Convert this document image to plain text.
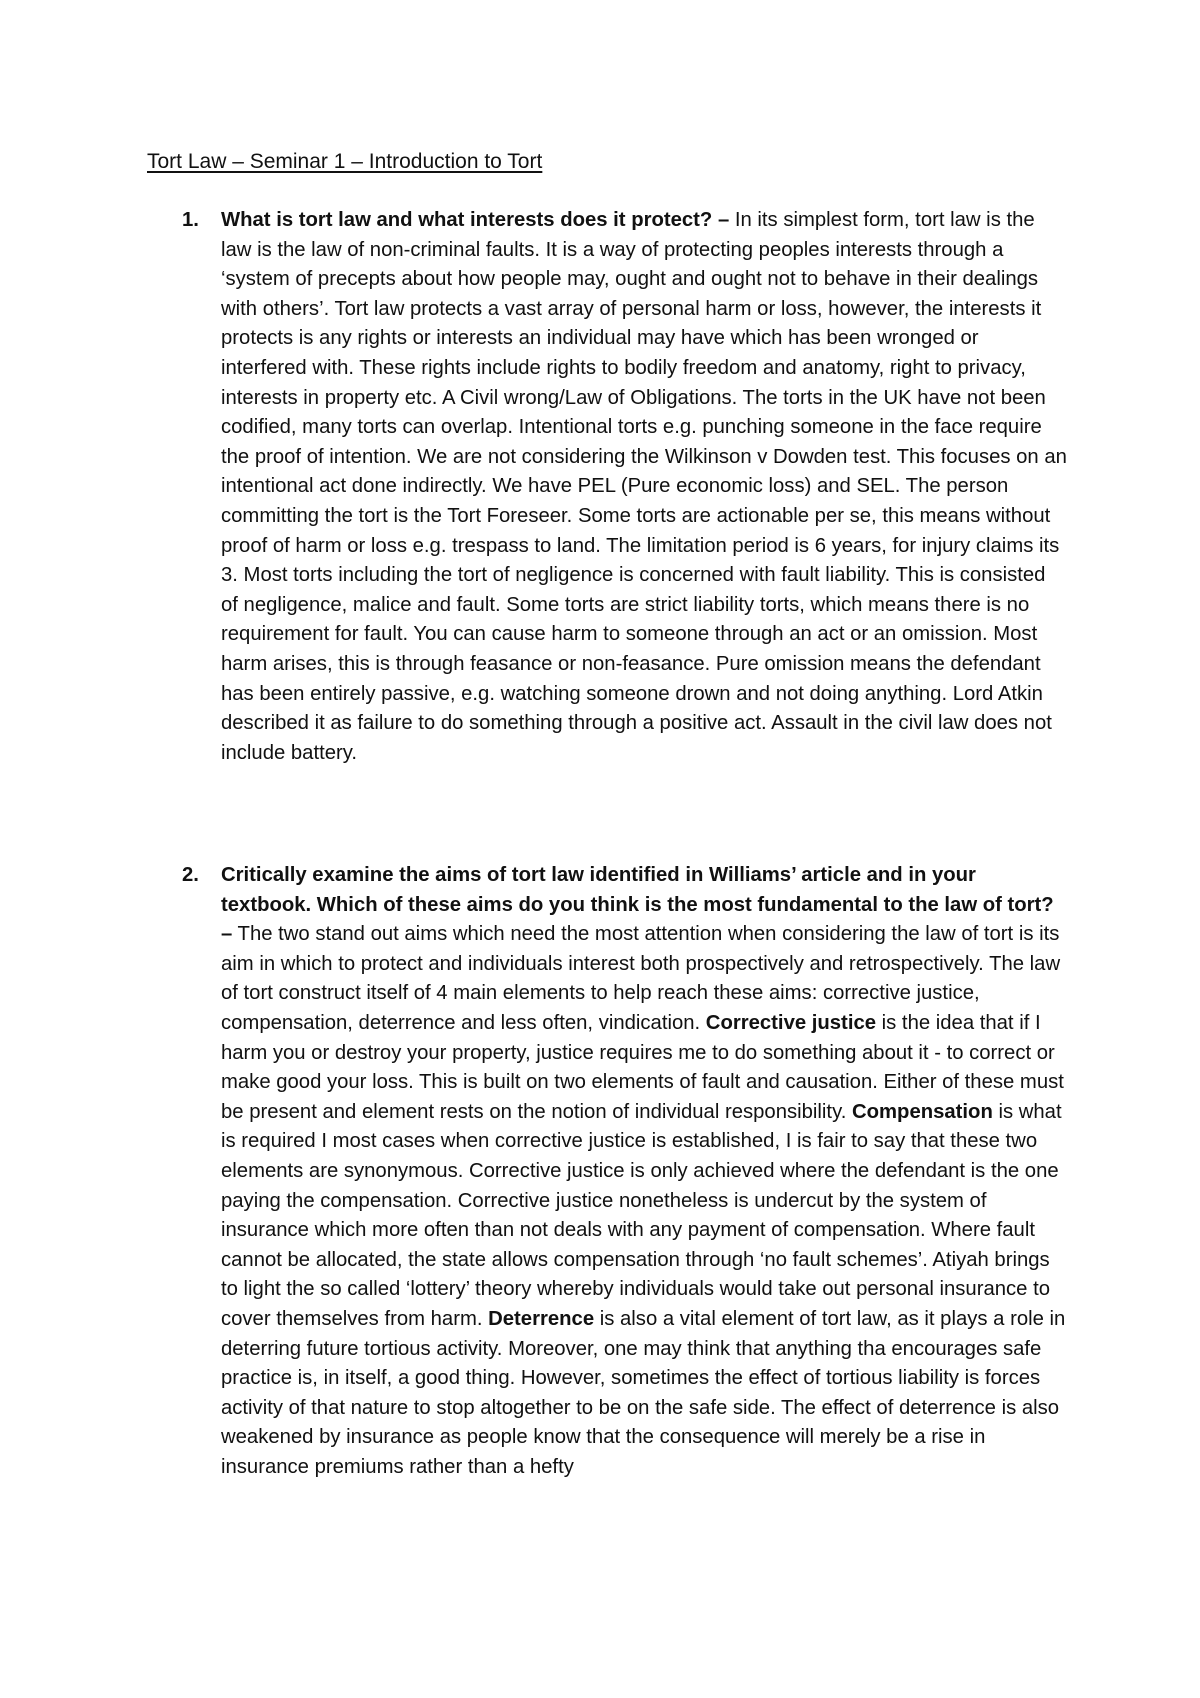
Tort Law – Seminar 1 – Introduction to Tort
1. What is tort law and what interests does it protect? – In its simplest form, tort law is the law is the law of non-criminal faults. It is a way of protecting peoples interests through a ‘system of precepts about how people may, ought and ought not to behave in their dealings with others’. Tort law protects a vast array of personal harm or loss, however, the interests it protects is any rights or interests an individual may have which has been wronged or interfered with. These rights include rights to bodily freedom and anatomy, right to privacy, interests in property etc. A Civil wrong/Law of Obligations. The torts in the UK have not been codified, many torts can overlap. Intentional torts e.g. punching someone in the face require the proof of intention. We are not considering the Wilkinson v Dowden test. This focuses on an intentional act done indirectly. We have PEL (Pure economic loss) and SEL. The person committing the tort is the Tort Foreseer. Some torts are actionable per se, this means without proof of harm or loss e.g. trespass to land. The limitation period is 6 years, for injury claims its 3. Most torts including the tort of negligence is concerned with fault liability. This is consisted of negligence, malice and fault. Some torts are strict liability torts, which means there is no requirement for fault. You can cause harm to someone through an act or an omission. Most harm arises, this is through feasance or non-feasance. Pure omission means the defendant has been entirely passive, e.g. watching someone drown and not doing anything. Lord Atkin described it as failure to do something through a positive act. Assault in the civil law does not include battery.

2. Critically examine the aims of tort law identified in Williams’ article and in your textbook. Which of these aims do you think is the most fundamental to the law of tort? – The two stand out aims which need the most attention when considering the law of tort is its aim in which to protect and individuals interest both prospectively and retrospectively. The law of tort construct itself of 4 main elements to help reach these aims: corrective justice, compensation, deterrence and less often, vindication. Corrective justice is the idea that if I harm you or destroy your property, justice requires me to do something about it - to correct or make good your loss. This is built on two elements of fault and causation. Either of these must be present and element rests on the notion of individual responsibility. Compensation is what is required I most cases when corrective justice is established, I is fair to say that these two elements are synonymous. Corrective justice is only achieved where the defendant is the one paying the compensation. Corrective justice nonetheless is undercut by the system of insurance which more often than not deals with any payment of compensation. Where fault cannot be allocated, the state allows compensation through ‘no fault schemes’. Atiyah brings to light the so called ‘lottery’ theory whereby individuals would take out personal insurance to cover themselves from harm. Deterrence is also a vital element of tort law, as it plays a role in deterring future tortious activity. Moreover, one may think that anything tha encourages safe practice is, in itself, a good thing. However, sometimes the effect of tortious liability is forces activity of that nature to stop altogether to be on the safe side. The effect of deterrence is also weakened by insurance as people know that the consequence will merely be a rise in insurance premiums rather than a hefty
